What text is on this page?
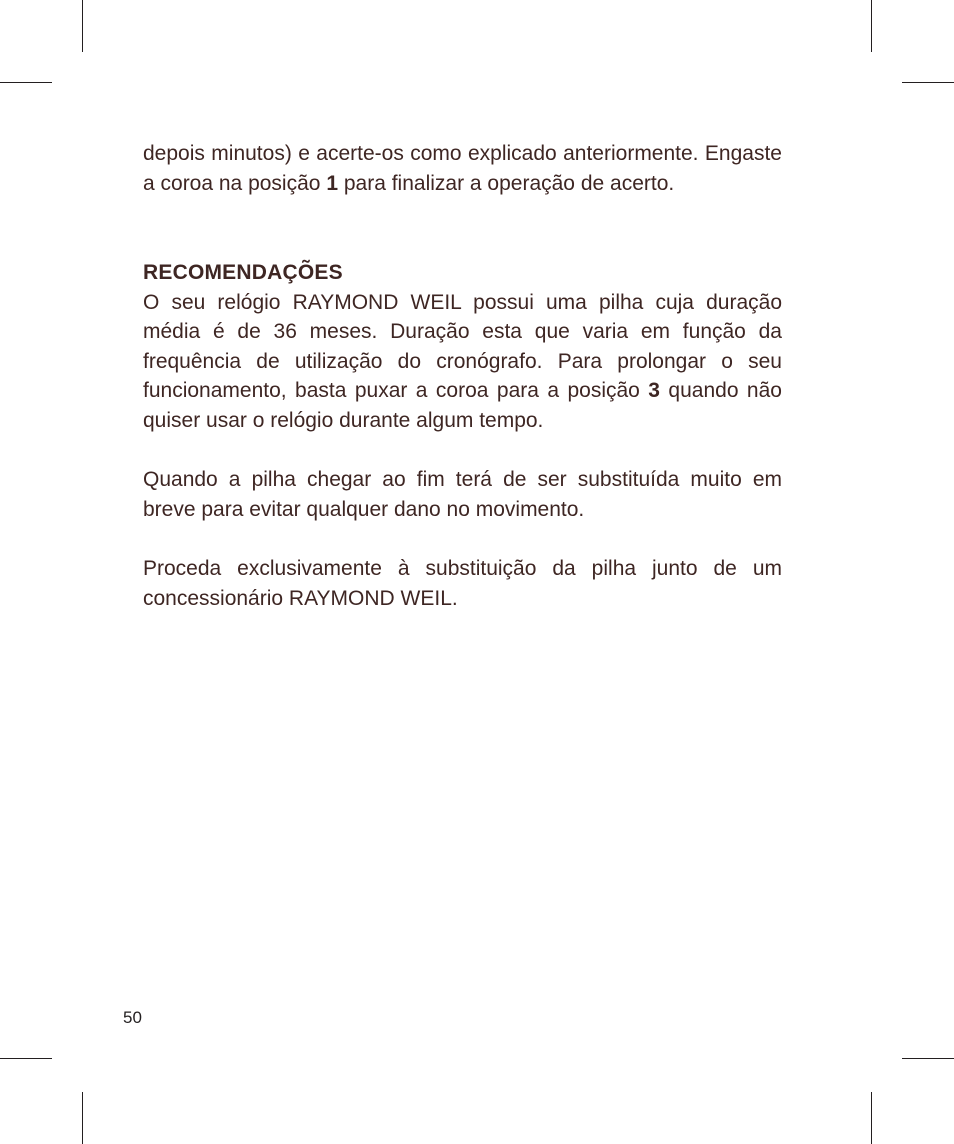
depois minutos) e acerte-os como explicado anteriormente. Engaste a coroa na posição 1 para finalizar a operação de acerto.

RECOMENDAÇÕES

O seu relógio RAYMOND WEIL possui uma pilha cuja duração média é de 36 meses. Duração esta que varia em função da frequência de utilização do cronógrafo. Para prolongar o seu funcionamento, basta puxar a coroa para a posição 3 quando não quiser usar o relógio durante algum tempo.

Quando a pilha chegar ao fim terá de ser substituída muito em breve para evitar qualquer dano no movimento.

Proceda exclusivamente à substituição da pilha junto de um concessionário RAYMOND WEIL.

50
